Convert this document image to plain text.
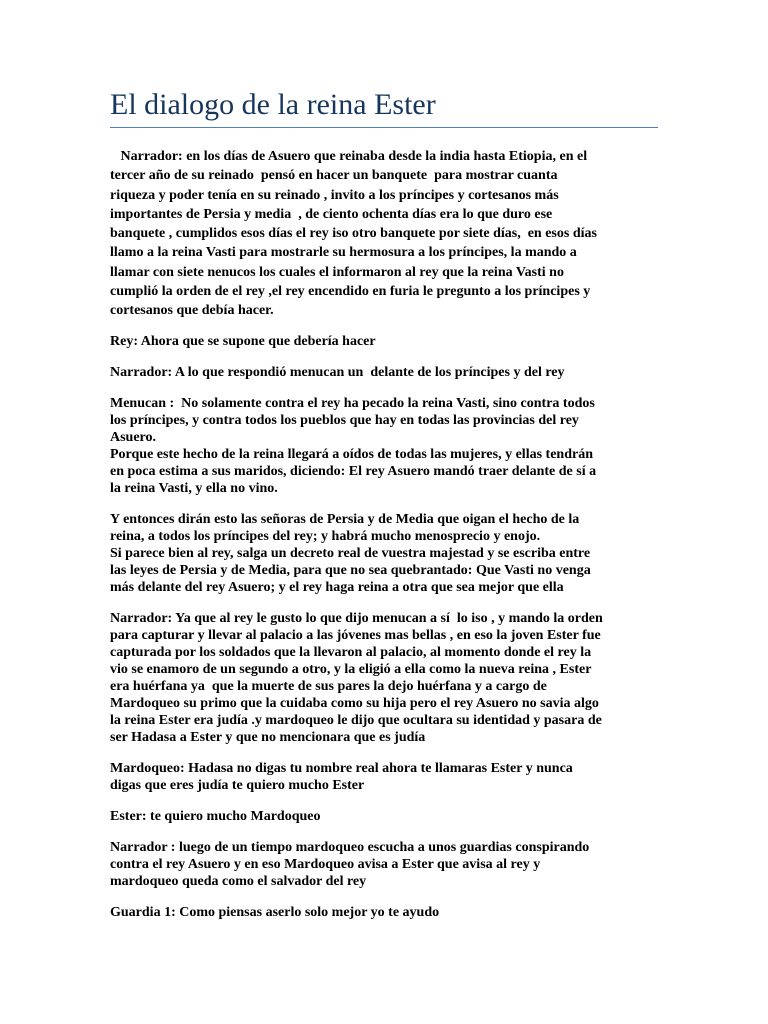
El dialogo de la reina Ester

Narrador: en los días de Asuero que reinaba desde la india hasta Etiopia, en el
tercer año de su reinado  pensó en hacer un banquete  para mostrar cuanta
riqueza y poder tenía en su reinado , invito a los príncipes y cortesanos más
importantes de Persia y media  , de ciento ochenta días era lo que duro ese
banquete , cumplidos esos días el rey iso otro banquete por siete días,  en esos días
llamo a la reina Vasti para mostrarle su hermosura a los príncipes, la mando a
llamar con siete nenucos los cuales el informaron al rey que la reina Vasti no
cumplió la orden de el rey ,el rey encendido en furia le pregunto a los príncipes y
cortesanos que debía hacer.

Rey: Ahora que se supone que debería hacer

Narrador: A lo que respondió menucan un  delante de los príncipes y del rey

Menucan :  No solamente contra el rey ha pecado la reina Vasti, sino contra todos
los príncipes, y contra todos los pueblos que hay en todas las provincias del rey
Asuero.
Porque este hecho de la reina llegará a oídos de todas las mujeres, y ellas tendrán
en poca estima a sus maridos, diciendo: El rey Asuero mandó traer delante de sí a
la reina Vasti, y ella no vino.

Y entonces dirán esto las señoras de Persia y de Media que oigan el hecho de la
reina, a todos los príncipes del rey; y habrá mucho menosprecio y enojo.
Si parece bien al rey, salga un decreto real de vuestra majestad y se escriba entre
las leyes de Persia y de Media, para que no sea quebrantado: Que Vasti no venga
más delante del rey Asuero; y el rey haga reina a otra que sea mejor que ella

Narrador: Ya que al rey le gusto lo que dijo menucan a sí  lo iso , y mando la orden
para capturar y llevar al palacio a las jóvenes mas bellas , en eso la joven Ester fue
capturada por los soldados que la llevaron al palacio, al momento donde el rey la
vio se enamoro de un segundo a otro, y la eligió a ella como la nueva reina , Ester
era huérfana ya  que la muerte de sus pares la dejo huérfana y a cargo de
Mardoqueo su primo que la cuidaba como su hija pero el rey Asuero no savia algo
la reina Ester era judía .y mardoqueo le dijo que ocultara su identidad y pasara de
ser Hadasa a Ester y que no mencionara que es judía

Mardoqueo: Hadasa no digas tu nombre real ahora te llamaras Ester y nunca
digas que eres judía te quiero mucho Ester

Ester: te quiero mucho Mardoqueo

Narrador : luego de un tiempo mardoqueo escucha a unos guardias conspirando
contra el rey Asuero y en eso Mardoqueo avisa a Ester que avisa al rey y
mardoqueo queda como el salvador del rey

Guardia 1: Como piensas aserlo solo mejor yo te ayudo
